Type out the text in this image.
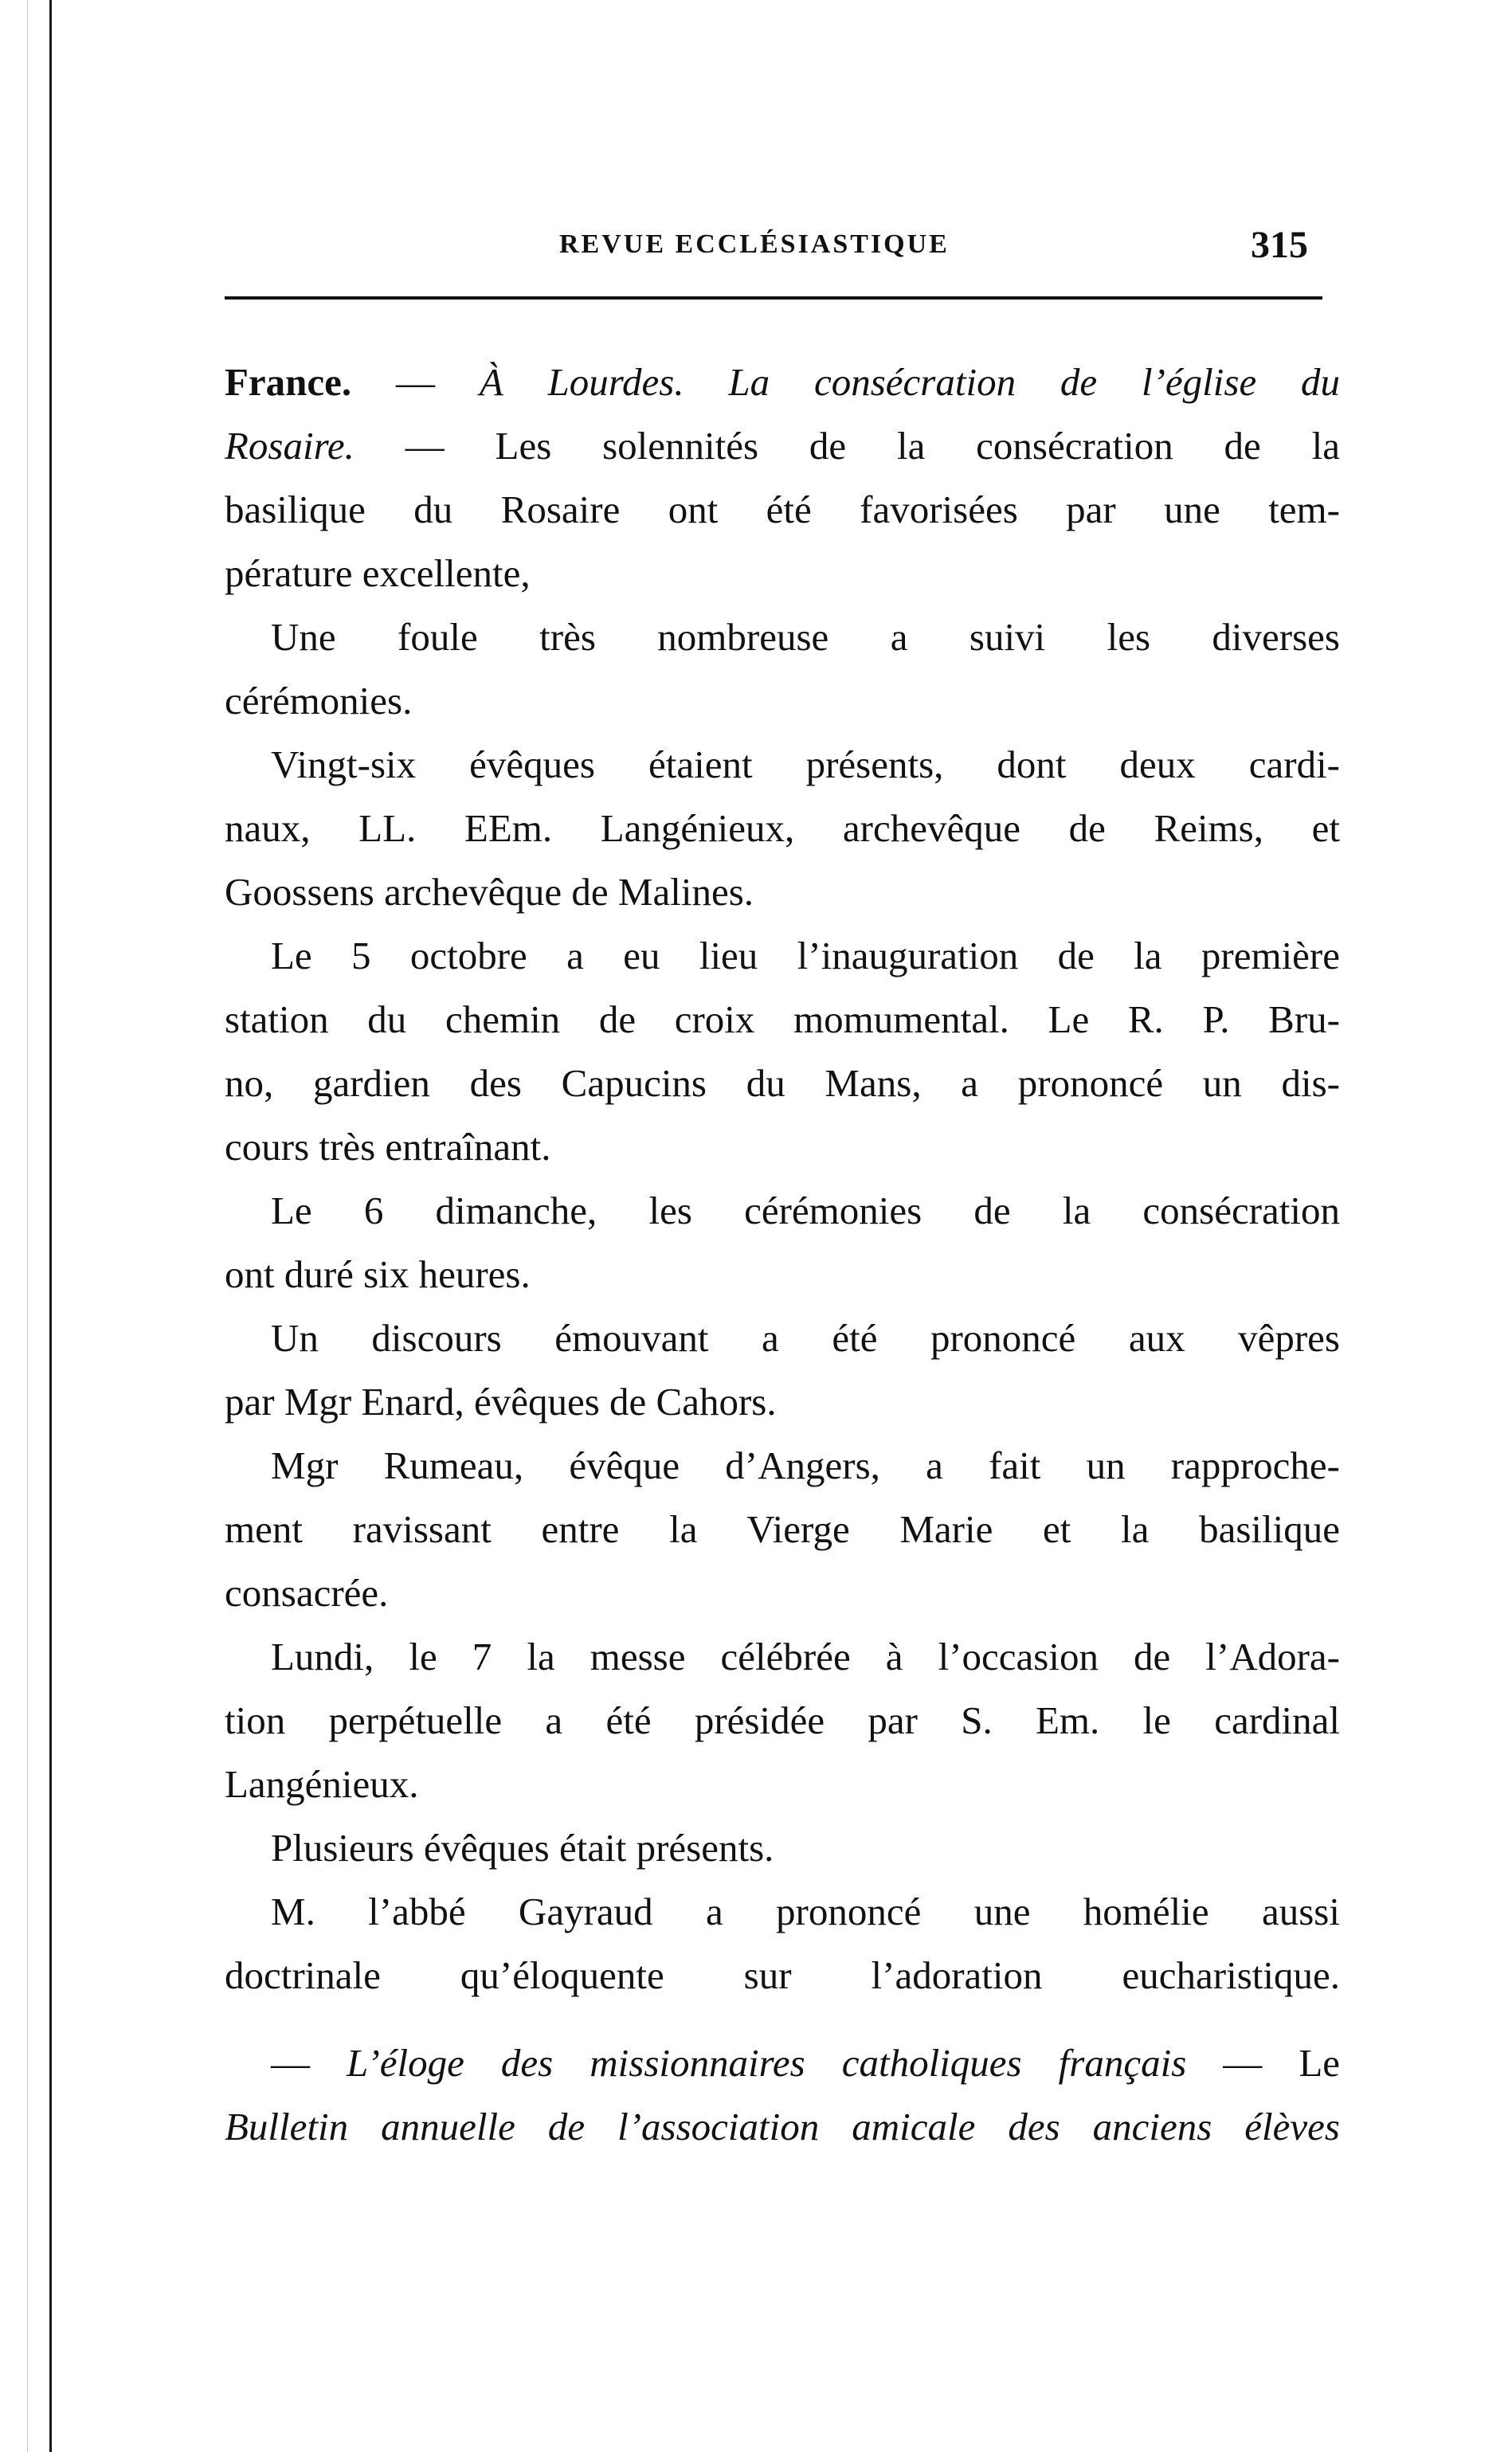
REVUE ECCLÉSIASTIQUE	315
France. — À Lourdes. La consécration de l’église du
Rosaire. — Les solennités de la consécration de la
basilique du Rosaire ont été favorisées par une tem-
pérature excellente,
Une foule très nombreuse a suivi les diverses
cérémonies.
Vingt-six évêques étaient présents, dont deux cardi-
naux, LL. EEm. Langénieux, archevêque de Reims, et
Goossens archevêque de Malines.
Le 5 octobre a eu lieu l’inauguration de la première
station du chemin de croix momumental. Le R. P. Bru-
no, gardien des Capucins du Mans, a prononcé un dis-
cours très entraînant.
Le 6 dimanche, les cérémonies de la consécration
ont duré six heures.
Un discours émouvant a été prononcé aux vêpres
par Mgr Enard, évêques de Cahors.
Mgr Rumeau, évêque d’Angers, a fait un rapproche-
ment ravissant entre la Vierge Marie et la basilique
consacrée.
Lundi, le 7 la messe célébrée à l’occasion de l’Adora-
tion perpétuelle a été présidée par S. Em. le cardinal
Langénieux.
Plusieurs évêques était présents.
M. l’abbé Gayraud a prononcé une homélie aussi
doctrinale qu’éloquente sur l’adoration eucharistique.
— L’éloge des missionnaires catholiques français — Le
Bulletin annuelle de l’association amicale des anciens élèves
